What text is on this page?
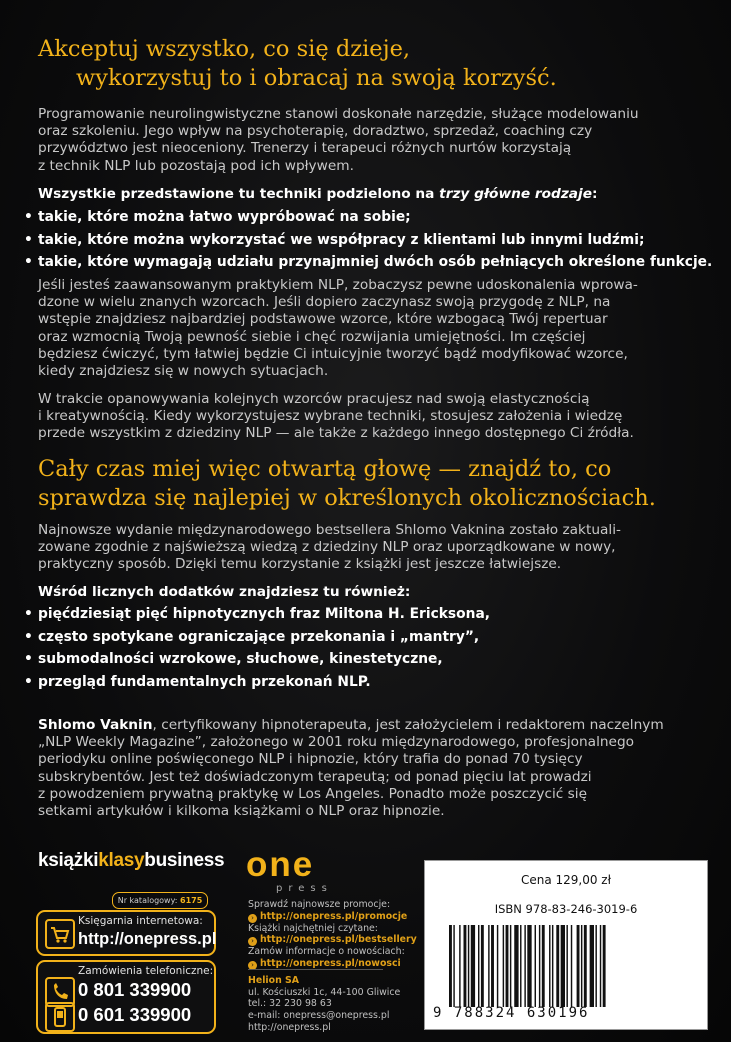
Akceptuj wszystko, co się dzieje,
wykorzystuj to i obracaj na swoją korzyść.
Programowanie neurolingwistyczne stanowi doskonałe narzędzie, służące modelowaniu
oraz szkoleniu. Jego wpływ na psychoterapię, doradztwo, sprzedaż, coaching czy
przywództwo jest nieoceniony. Trenerzy i terapeuci różnych nurtów korzystają
z technik NLP lub pozostają pod ich wpływem.
Wszystkie przedstawione tu techniki podzielono na trzy główne rodzaje:
• takie, które można łatwo wypróbować na sobie;
• takie, które można wykorzystać we współpracy z klientami lub innymi ludźmi;
• takie, które wymagają udziału przynajmniej dwóch osób pełniących określone funkcje.
Jeśli jesteś zaawansowanym praktykiem NLP, zobaczysz pewne udoskonalenia wprowa-
dzone w wielu znanych wzorcach. Jeśli dopiero zaczynasz swoją przygodę z NLP, na
wstępie znajdziesz najbardziej podstawowe wzorce, które wzbogacą Twój repertuar
oraz wzmocnią Twoją pewność siebie i chęć rozwijania umiejętności. Im częściej
będziesz ćwiczyć, tym łatwiej będzie Ci intuicyjnie tworzyć bądź modyfikować wzorce,
kiedy znajdziesz się w nowych sytuacjach.
W trakcie opanowywania kolejnych wzorców pracujesz nad swoją elastycznością
i kreatywnością. Kiedy wykorzystujesz wybrane techniki, stosujesz założenia i wiedzę
przede wszystkim z dziedziny NLP — ale także z każdego innego dostępnego Ci źródła.
Cały czas miej więc otwartą głowę — znajdź to, co
sprawdza się najlepiej w określonych okolicznościach.
Najnowsze wydanie międzynarodowego bestsellera Shlomo Vaknina zostało zaktuali-
zowane zgodnie z najświeższą wiedzą z dziedziny NLP oraz uporządkowane w nowy,
praktyczny sposób. Dzięki temu korzystanie z książki jest jeszcze łatwiejsze.
Wśród licznych dodatków znajdziesz tu również:
• pięćdziesiąt pięć hipnotycznych fraz Miltona H. Ericksona,
• często spotykane ograniczające przekonania i „mantry”,
• submodalności wzrokowe, słuchowe, kinestetyczne,
• przegląd fundamentalnych przekonań NLP.
Shlomo Vaknin, certyfikowany hipnoterapeuta, jest założycielem i redaktorem naczelnym
„NLP Weekly Magazine”, założonego w 2001 roku międzynarodowego, profesjonalnego
periodyku online poświęconego NLP i hipnozie, który trafia do ponad 70 tysięcy
subskrybentów. Jest też doświadczonym terapeutą; od ponad pięciu lat prowadzi
z powodzeniem prywatną praktykę w Los Angeles. Ponadto może poszczycić się
setkami artykułów i kilkoma książkami o NLP oraz hipnozie.
książkiklasybusiness
Nr katalogowy: 6175
Księgarnia internetowa:
http://onepress.pl
Zamówienia telefoniczne:
0 801 339900
0 601 339900
one
press
Sprawdź najnowsze promocje:
› http://onepress.pl/promocje
Książki najchętniej czytane:
› http://onepress.pl/bestsellery
Zamów informacje o nowościach:
› http://onepress.pl/nowosci
Helion SA
ul. Kościuszki 1c, 44-100 Gliwice
tel.: 32 230 98 63
e-mail: onepress@onepress.pl
http://onepress.pl
Cena 129,00 zł
ISBN 978-83-246-3019-6
9 788324 630196
